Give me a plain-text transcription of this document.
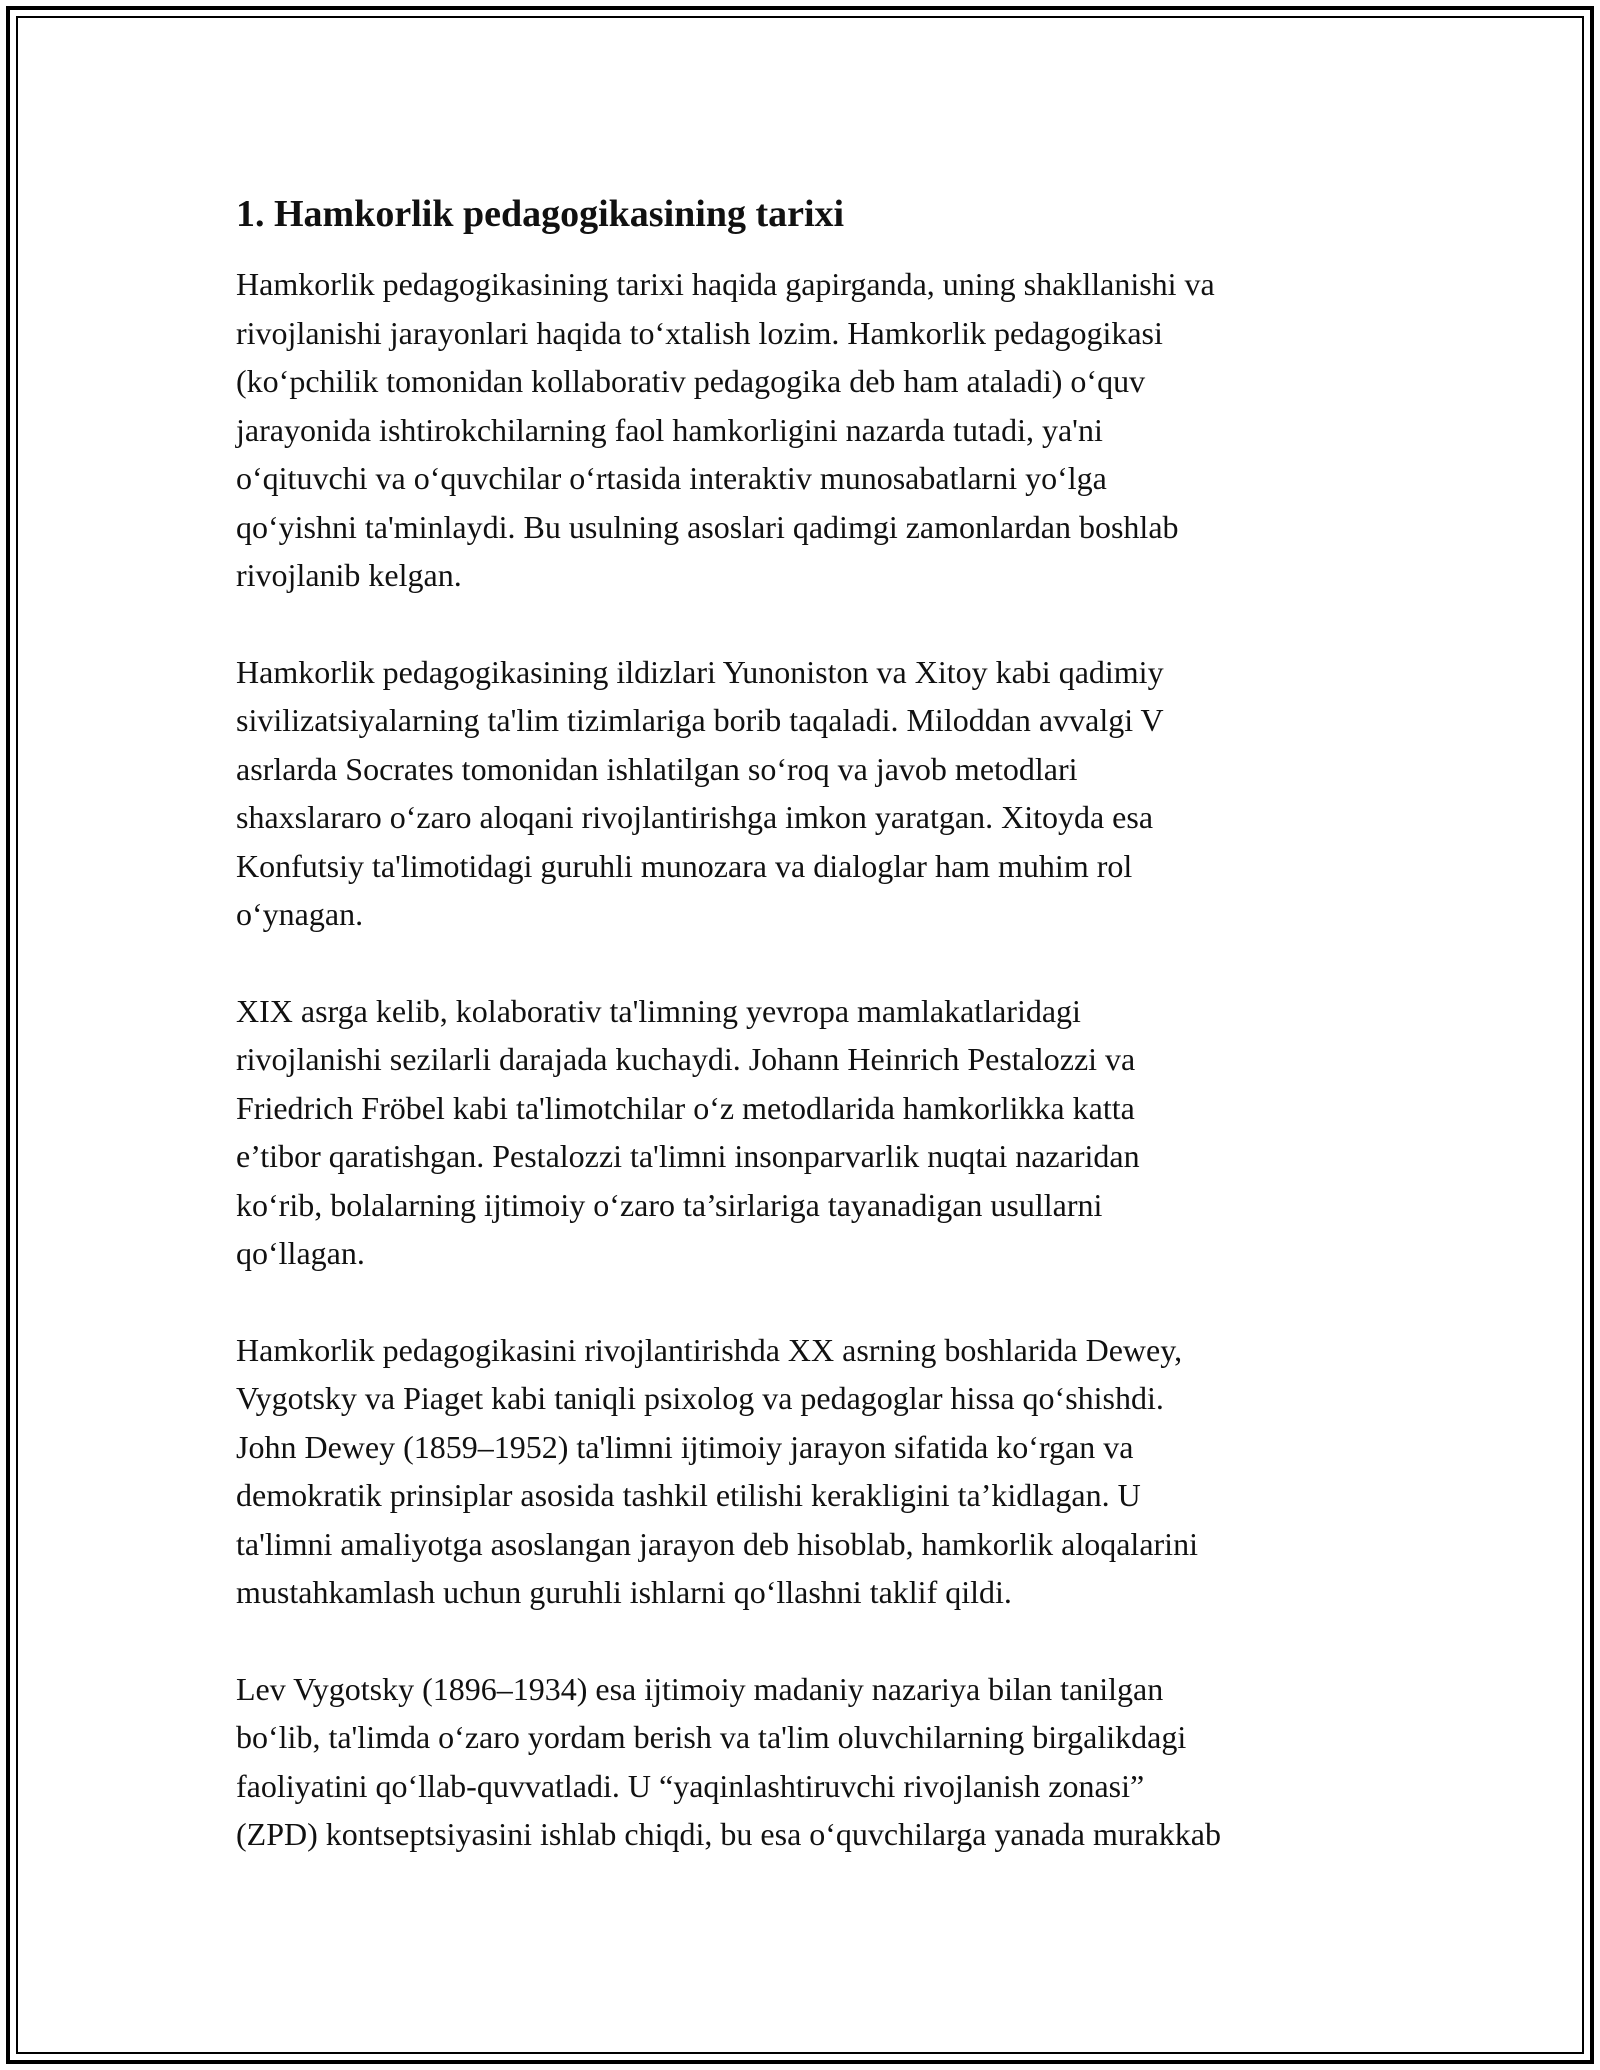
1. Hamkorlik pedagogikasining tarixi

Hamkorlik pedagogikasining tarixi haqida gapirganda, uning shakllanishi va
rivojlanishi jarayonlari haqida toʻxtalish lozim. Hamkorlik pedagogikasi
(koʻpchilik tomonidan kollaborativ pedagogika deb ham ataladi) oʻquv
jarayonida ishtirokchilarning faol hamkorligini nazarda tutadi, ya'ni
oʻqituvchi va oʻquvchilar oʻrtasida interaktiv munosabatlarni yoʻlga
qoʻyishni ta'minlaydi. Bu usulning asoslari qadimgi zamonlardan boshlab
rivojlanib kelgan.

Hamkorlik pedagogikasining ildizlari Yunoniston va Xitoy kabi qadimiy
sivilizatsiyalarning ta'lim tizimlariga borib taqaladi. Miloddan avvalgi V
asrlarda Socrates tomonidan ishlatilgan soʻroq va javob metodlari
shaxslararo oʻzaro aloqani rivojlantirishga imkon yaratgan. Xitoyda esa
Konfutsiy ta'limotidagi guruhli munozara va dialoglar ham muhim rol
oʻynagan.

XIX asrga kelib, kolaborativ ta'limning yevropa mamlakatlaridagi
rivojlanishi sezilarli darajada kuchaydi. Johann Heinrich Pestalozzi va
Friedrich Fröbel kabi ta'limotchilar oʻz metodlarida hamkorlikka katta
e’tibor qaratishgan. Pestalozzi ta'limni insonparvarlik nuqtai nazaridan
koʻrib, bolalarning ijtimoiy oʻzaro ta’sirlariga tayanadigan usullarni
qoʻllagan.

Hamkorlik pedagogikasini rivojlantirishda XX asrning boshlarida Dewey,
Vygotsky va Piaget kabi taniqli psixolog va pedagoglar hissa qoʻshishdi.
John Dewey (1859–1952) ta'limni ijtimoiy jarayon sifatida koʻrgan va
demokratik prinsiplar asosida tashkil etilishi kerakligini ta’kidlagan. U
ta'limni amaliyotga asoslangan jarayon deb hisoblab, hamkorlik aloqalarini
mustahkamlash uchun guruhli ishlarni qoʻllashni taklif qildi.

Lev Vygotsky (1896–1934) esa ijtimoiy madaniy nazariya bilan tanilgan
boʻlib, ta'limda oʻzaro yordam berish va ta'lim oluvchilarning birgalikdagi
faoliyatini qoʻllab-quvvatladi. U “yaqinlashtiruvchi rivojlanish zonasi”
(ZPD) kontseptsiyasini ishlab chiqdi, bu esa oʻquvchilarga yanada murakkab
